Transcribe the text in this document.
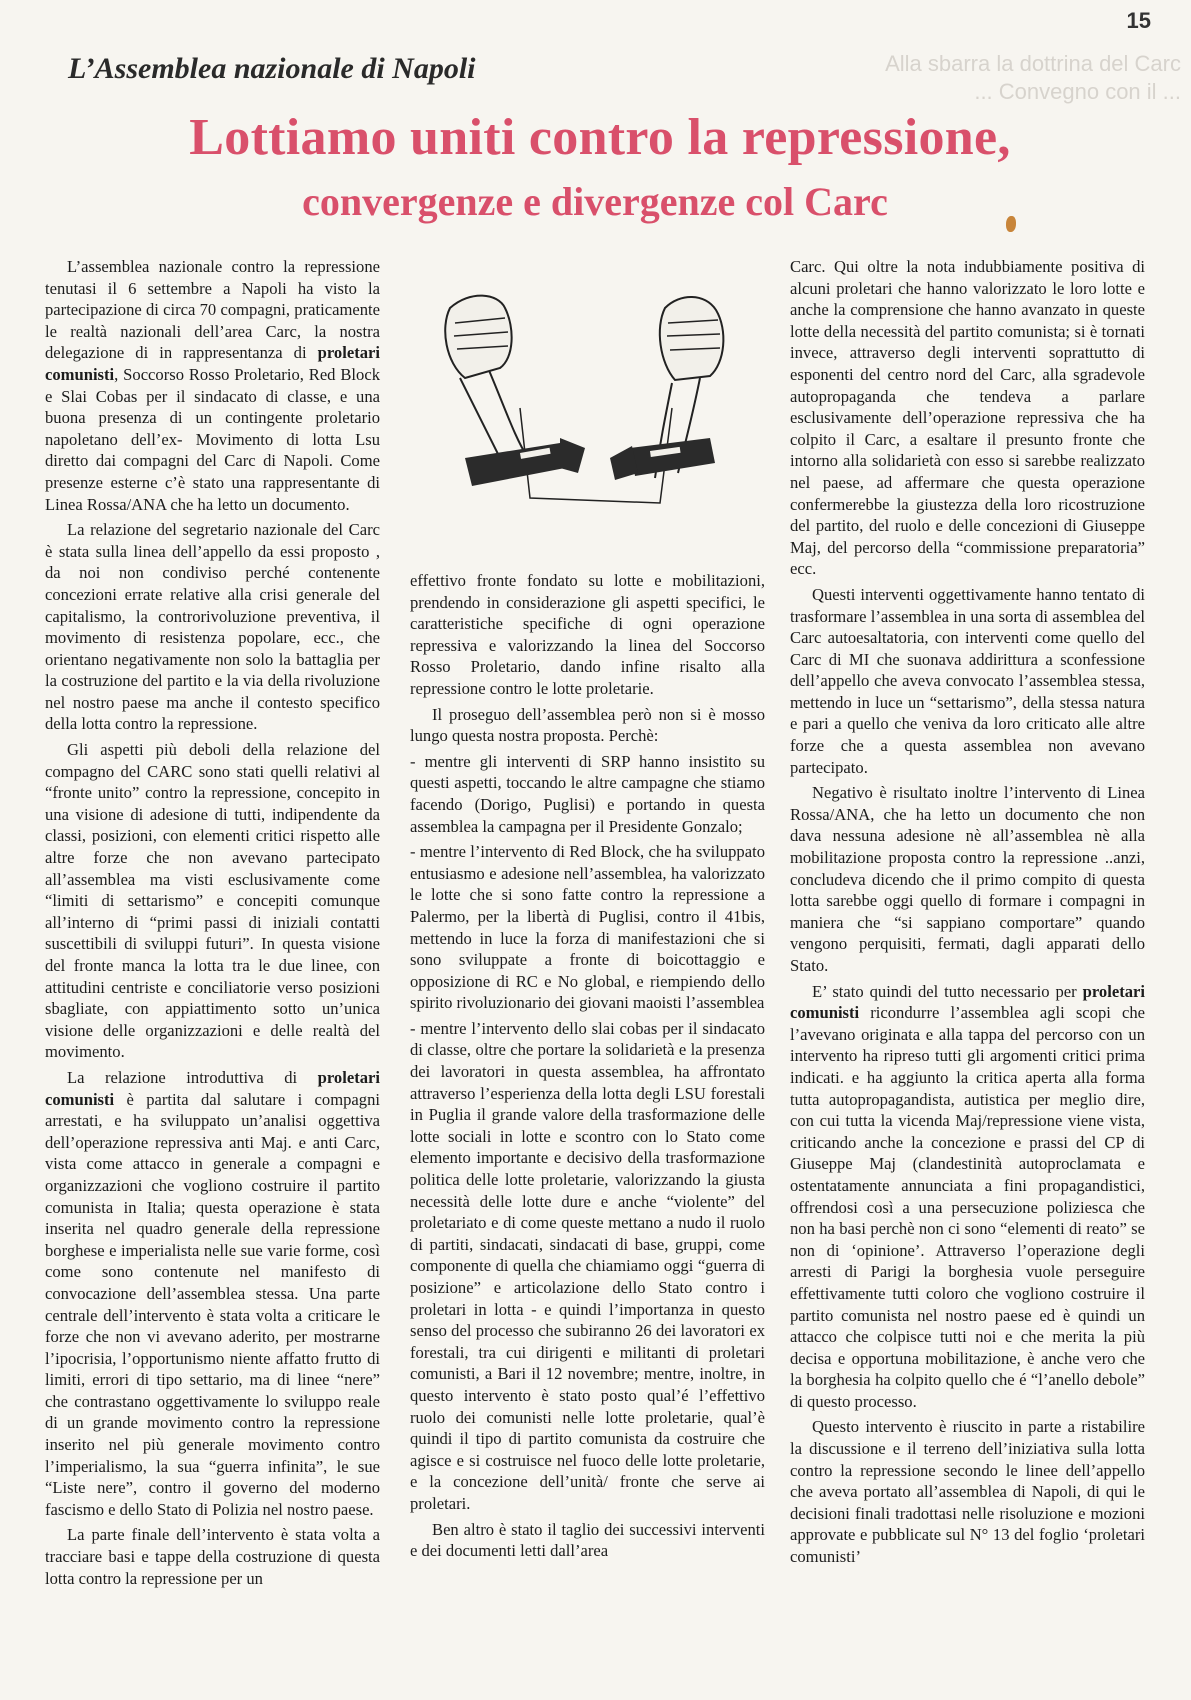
15
Alla sbarra la dottrina del Carc ... Convegno con il ...
L’Assemblea nazionale di Napoli
Lottiamo uniti contro la repressione,
convergenze e divergenze col Carc

L’assemblea nazionale contro la repressione tenutasi il 6 settembre a Napoli ha visto la partecipazione di circa 70 compagni, praticamente le realtà nazionali dell’area Carc, la nostra delegazione di in rappresentanza di proletari comunisti, Soccorso Rosso Proletario, Red Block e Slai Cobas per il sindacato di classe, e una buona presenza di un contingente proletario napoletano dell’ex- Movimento di lotta Lsu diretto dai compagni del Carc di Napoli. Come presenze esterne c’è stato una rappresentante di Linea Rossa/ANA che ha letto un documento.

La relazione del segretario nazionale del Carc è stata sulla linea dell’appello da essi proposto , da noi non condiviso perché contenente concezioni errate relative alla crisi generale del capitalismo, la controrivoluzione preventiva, il movimento di resistenza popolare, ecc., che orientano negativamente non solo la battaglia per la costruzione del partito e la via della rivoluzione nel nostro paese ma anche il contesto specifico della lotta contro la repressione.

Gli aspetti più deboli della relazione del compagno del CARC sono stati quelli relativi al “fronte unito” contro la repressione, concepito in una visione di adesione di tutti, indipendente da classi, posizioni, con elementi critici rispetto alle altre forze che non avevano partecipato all’assemblea ma visti esclusivamente come “limiti di settarismo” e concepiti comunque all’interno di “primi passi di iniziali contatti suscettibili di sviluppi futuri”. In questa visione del fronte manca la lotta tra le due linee, con attitudini centriste e conciliatorie verso posizioni sbagliate, con appiattimento sotto un’unica visione delle organizzazioni e delle realtà del movimento.

La relazione introduttiva di proletari comunisti è partita dal salutare i compagni arrestati, e ha sviluppato un’analisi oggettiva dell’operazione repressiva anti Maj. e anti Carc, vista come attacco in generale a compagni e organizzazioni che vogliono costruire il partito comunista in Italia; questa operazione è stata inserita nel quadro generale della repressione borghese e imperialista nelle sue varie forme, così come sono contenute nel manifesto di convocazione dell’assemblea stessa. Una parte centrale dell’intervento è stata volta a criticare le forze che non vi avevano aderito, per mostrarne l’ipocrisia, l’opportunismo niente affatto frutto di limiti, errori di tipo settario, ma di linee “nere” che contrastano oggettivamente lo sviluppo reale di un grande movimento contro la repressione inserito nel più generale movimento contro l’imperialismo, la sua “guerra infinita”, le sue “Liste nere”, contro il governo del moderno fascismo e dello Stato di Polizia nel nostro paese.

La parte finale dell’intervento è stata volta a tracciare basi e tappe della costruzione di questa lotta contro la repressione per un

effettivo fronte fondato su lotte e mobilitazioni, prendendo in considerazione gli aspetti specifici, le caratteristiche specifiche di ogni operazione repressiva e valorizzando la linea del Soccorso Rosso Proletario, dando infine risalto alla repressione contro le lotte proletarie.

Il proseguo dell’assemblea però non si è mosso lungo questa nostra proposta. Perchè:

- mentre gli interventi di SRP hanno insistito su questi aspetti, toccando le altre campagne che stiamo facendo (Dorigo, Puglisi) e portando in questa assemblea la campagna per il Presidente Gonzalo;

- mentre l’intervento di Red Block, che ha sviluppato entusiasmo e adesione nell’assemblea, ha valorizzato le lotte che si sono fatte contro la repressione a Palermo, per la libertà di Puglisi, contro il 41bis, mettendo in luce la forza di manifestazioni che si sono sviluppate a fronte di boicottaggio e opposizione di RC e No global, e riempiendo dello spirito rivoluzionario dei giovani maoisti l’assemblea

- mentre l’intervento dello slai cobas per il sindacato di classe, oltre che portare la solidarietà e la presenza dei lavoratori in questa assemblea, ha affrontato attraverso l’esperienza della lotta degli LSU forestali in Puglia il grande valore della trasformazione delle lotte sociali in lotte e scontro con lo Stato come elemento importante e decisivo della trasformazione politica delle lotte proletarie, valorizzando la giusta necessità delle lotte dure e anche “violente” del proletariato e di come queste mettano a nudo il ruolo di partiti, sindacati, sindacati di base, gruppi, come componente di quella che chiamiamo oggi “guerra di posizione” e articolazione dello Stato contro i proletari in lotta - e quindi l’importanza in questo senso del processo che subiranno 26 dei lavoratori ex forestali, tra cui dirigenti e militanti di proletari comunisti, a Bari il 12 novembre; mentre, inoltre, in questo intervento è stato posto qual’é l’effettivo ruolo dei comunisti nelle lotte proletarie, qual’è quindi il tipo di partito comunista da costruire che agisce e si costruisce nel fuoco delle lotte proletarie, e la concezione dell’unità/ fronte che serve ai proletari.

Ben altro è stato il taglio dei successivi interventi e dei documenti letti dall’area

Carc. Qui oltre la nota indubbiamente positiva di alcuni proletari che hanno valorizzato le loro lotte e anche la comprensione che hanno avanzato in queste lotte della necessità del partito comunista; si è tornati invece, attraverso degli interventi soprattutto di esponenti del centro nord del Carc, alla sgradevole autopropaganda che tendeva a parlare esclusivamente dell’operazione repressiva che ha colpito il Carc, a esaltare il presunto fronte che intorno alla solidarietà con esso si sarebbe realizzato nel paese, ad affermare che questa operazione confermerebbe la giustezza della loro ricostruzione del partito, del ruolo e delle concezioni di Giuseppe Maj, del percorso della “commissione preparatoria” ecc.

Questi interventi oggettivamente hanno tentato di trasformare l’assemblea in una sorta di assemblea del Carc autoesaltatoria, con interventi come quello del Carc di MI che suonava addirittura a sconfessione dell’appello che aveva convocato l’assemblea stessa, mettendo in luce un “settarismo”, della stessa natura e pari a quello che veniva da loro criticato alle altre forze che a questa assemblea non avevano partecipato.

Negativo è risultato inoltre l’intervento di Linea Rossa/ANA, che ha letto un documento che non dava nessuna adesione nè all’assemblea nè alla mobilitazione proposta contro la repressione ..anzi, concludeva dicendo che il primo compito di questa lotta sarebbe oggi quello di formare i compagni in maniera che “si sappiano comportare” quando vengono perquisiti, fermati, dagli apparati dello Stato.

E’ stato quindi del tutto necessario per proletari comunisti ricondurre l’assemblea agli scopi che l’avevano originata e alla tappa del percorso con un intervento ha ripreso tutti gli argomenti critici prima indicati. e ha aggiunto la critica aperta alla forma tutta autopropagandista, autistica per meglio dire, con cui tutta la vicenda Maj/repressione viene vista, criticando anche la concezione e prassi del CP di Giuseppe Maj (clandestinità autoproclamata e ostentatamente annunciata a fini propagandistici, offrendosi così a una persecuzione poliziesca che non ha basi perchè non ci sono “elementi di reato” se non di ‘opinione’. Attraverso l’operazione degli arresti di Parigi la borghesia vuole perseguire effettivamente tutti coloro che vogliono costruire il partito comunista nel nostro paese ed è quindi un attacco che colpisce tutti noi e che merita la più decisa e opportuna mobilitazione, è anche vero che la borghesia ha colpito quello che é “l’anello debole” di questo processo.

Questo intervento è riuscito in parte a ristabilire la discussione e il terreno dell’iniziativa sulla lotta contro la repressione secondo le linee dell’appello che aveva portato all’assemblea di Napoli, di qui le decisioni finali tradottasi nelle risoluzione e mozioni approvate e pubblicate sul N° 13 del foglio ‘proletari comunisti’
